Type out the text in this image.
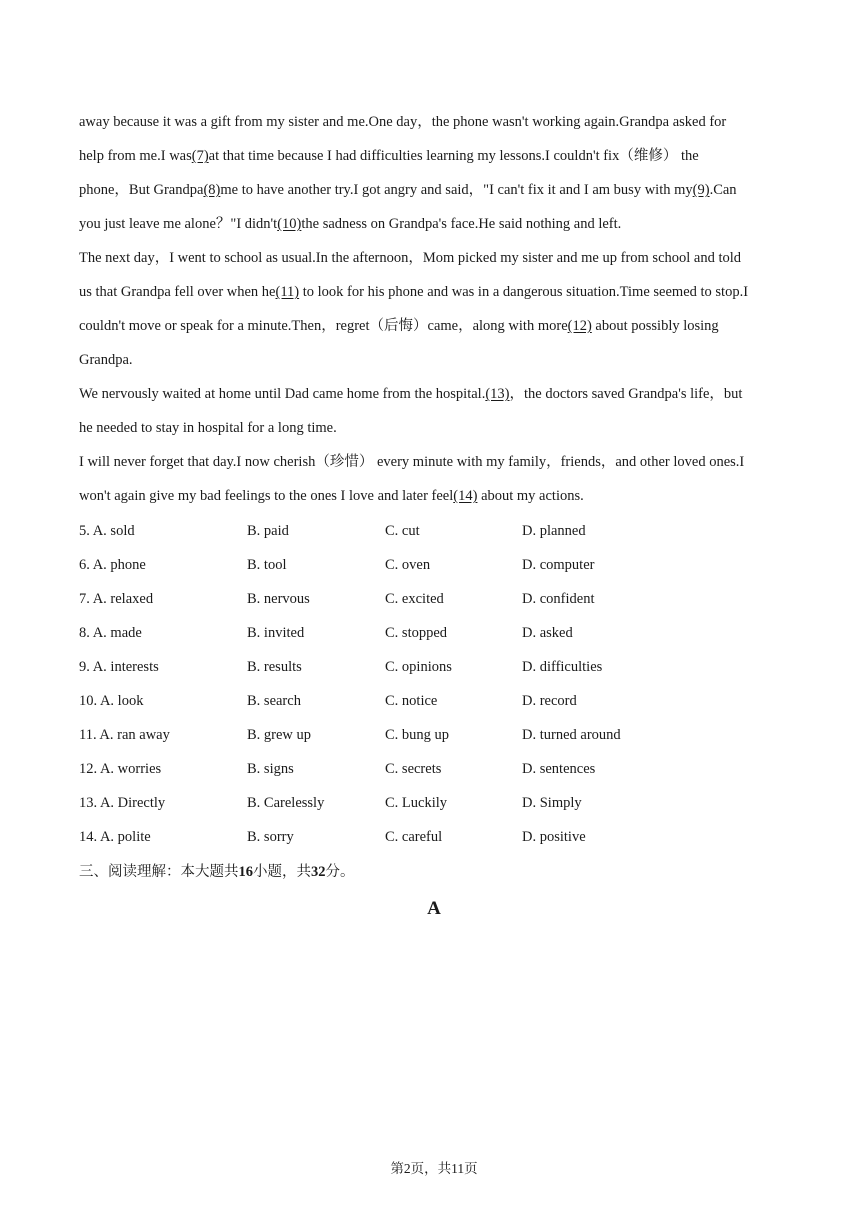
away because it was a gift from my sister and me.One day，the phone wasn't working again.Grandpa asked for
help from me.I was(7)at that time because I had difficulties learning my lessons.I couldn't fix（维修） the
phone，But Grandpa(8)me to have another try.I got angry and said，"I can't fix it and I am busy with my(9).Can
you just leave me alone？"I didn't(10)the sadness on Grandpa's face.He said nothing and left.
The next day，I went to school as usual.In the afternoon，Mom picked my sister and me up from school and told
us that Grandpa fell over when he(11) to look for his phone and was in a dangerous situation.Time seemed to stop.I
couldn't move or speak for a minute.Then，regret（后悔）came，along with more(12) about possibly losing
Grandpa.
We nervously waited at home until Dad came home from the hospital.(13)，the doctors saved Grandpa's life，but
he needed to stay in hospital for a long time.
I will never forget that day.I now cherish（珍惜） every minute with my family，friends，and other loved ones.I
won't again give my bad feelings to the ones I love and later feel(14) about my actions.
5. A. sold	B. paid	C. cut	D. planned
6. A. phone	B. tool	C. oven	D. computer
7. A. relaxed	B. nervous	C. excited	D. confident
8. A. made	B. invited	C. stopped	D. asked
9. A. interests	B. results	C. opinions	D. difficulties
10. A. look	B. search	C. notice	D. record
11. A. ran away	B. grew up	C. bung up	D. turned around
12. A. worries	B. signs	C. secrets	D. sentences
13. A. Directly	B. Carelessly	C. Luckily	D. Simply
14. A. polite	B. sorry	C. careful	D. positive
三、阅读理解：本大题共16小题，共32分。
A
第2页，共11页
